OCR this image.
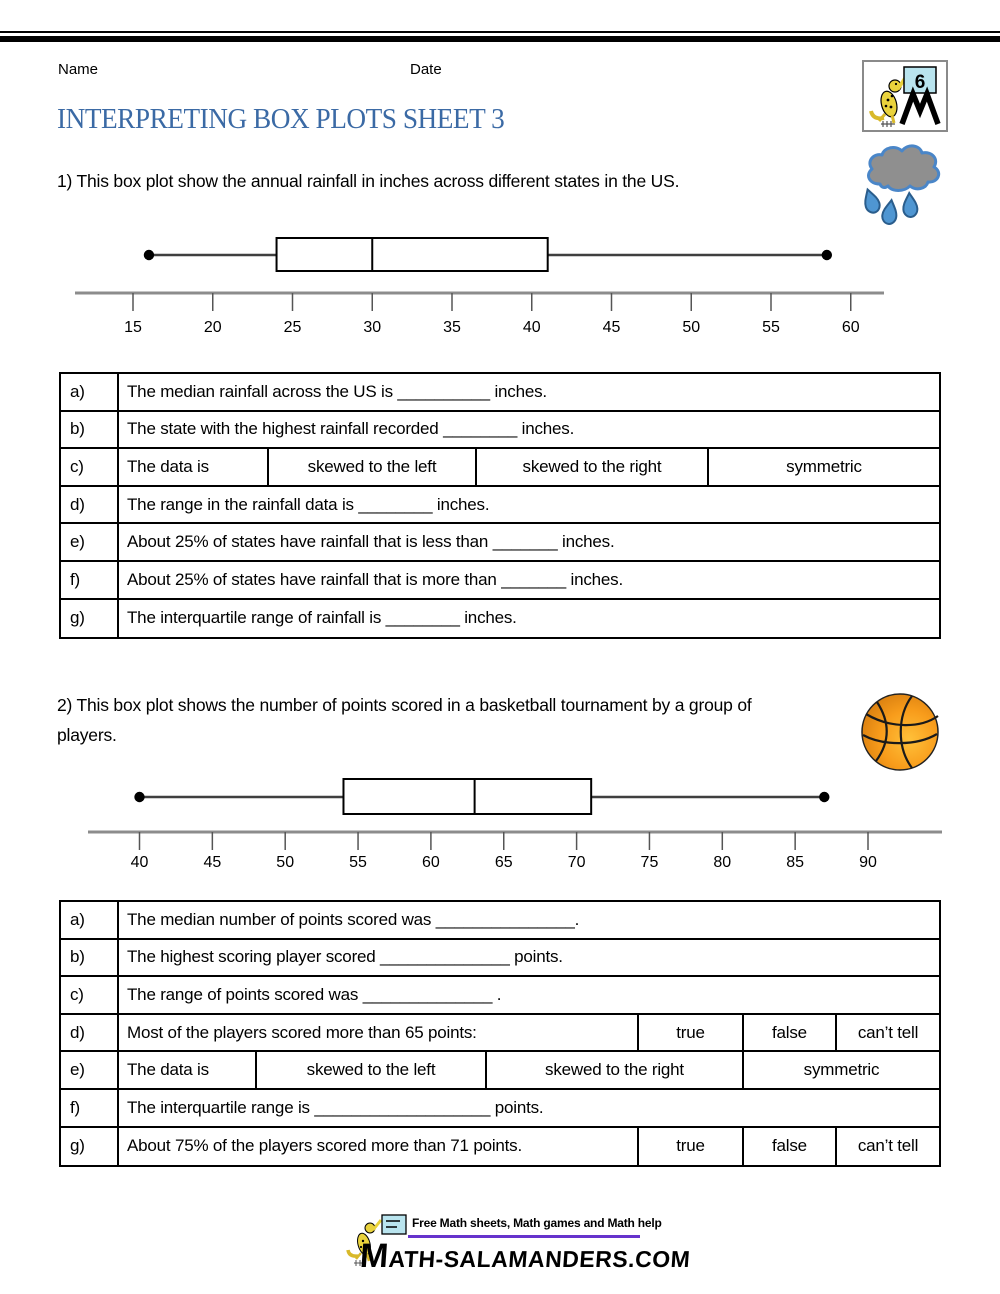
Name	Date
6
INTERPRETING BOX PLOTS SHEET 3
1) This box plot show the annual rainfall in inches across different states in the US.
15	20	25	30	35	40	45	50	55	60
a)	The median rainfall across the US is __________ inches.
b)	The state with the highest rainfall recorded ________ inches.
c)	The data is	skewed to the left	skewed to the right	symmetric
d)	The range in the rainfall data is ________ inches.
e)	About 25% of states have rainfall that is less than _______ inches.
f)	About 25% of states have rainfall that is more than _______ inches.
g)	The interquartile range of rainfall is ________ inches.
2) This box plot shows the number of points scored in a basketball tournament by a group of players.
40	45	50	55	60	65	70	75	80	85	90
a)	The median number of points scored was _______________.
b)	The highest scoring player scored ______________ points.
c)	The range of points scored was ______________ .
d)	Most of the players scored more than 65 points:	true	false	can’t tell
e)	The data is	skewed to the left	skewed to the right	symmetric
f)	The interquartile range is ___________________ points.
g)	About 75% of the players scored more than 71 points.	true	false	can’t tell
Free Math sheets, Math games and Math help
MATH-SALAMANDERS.COM
